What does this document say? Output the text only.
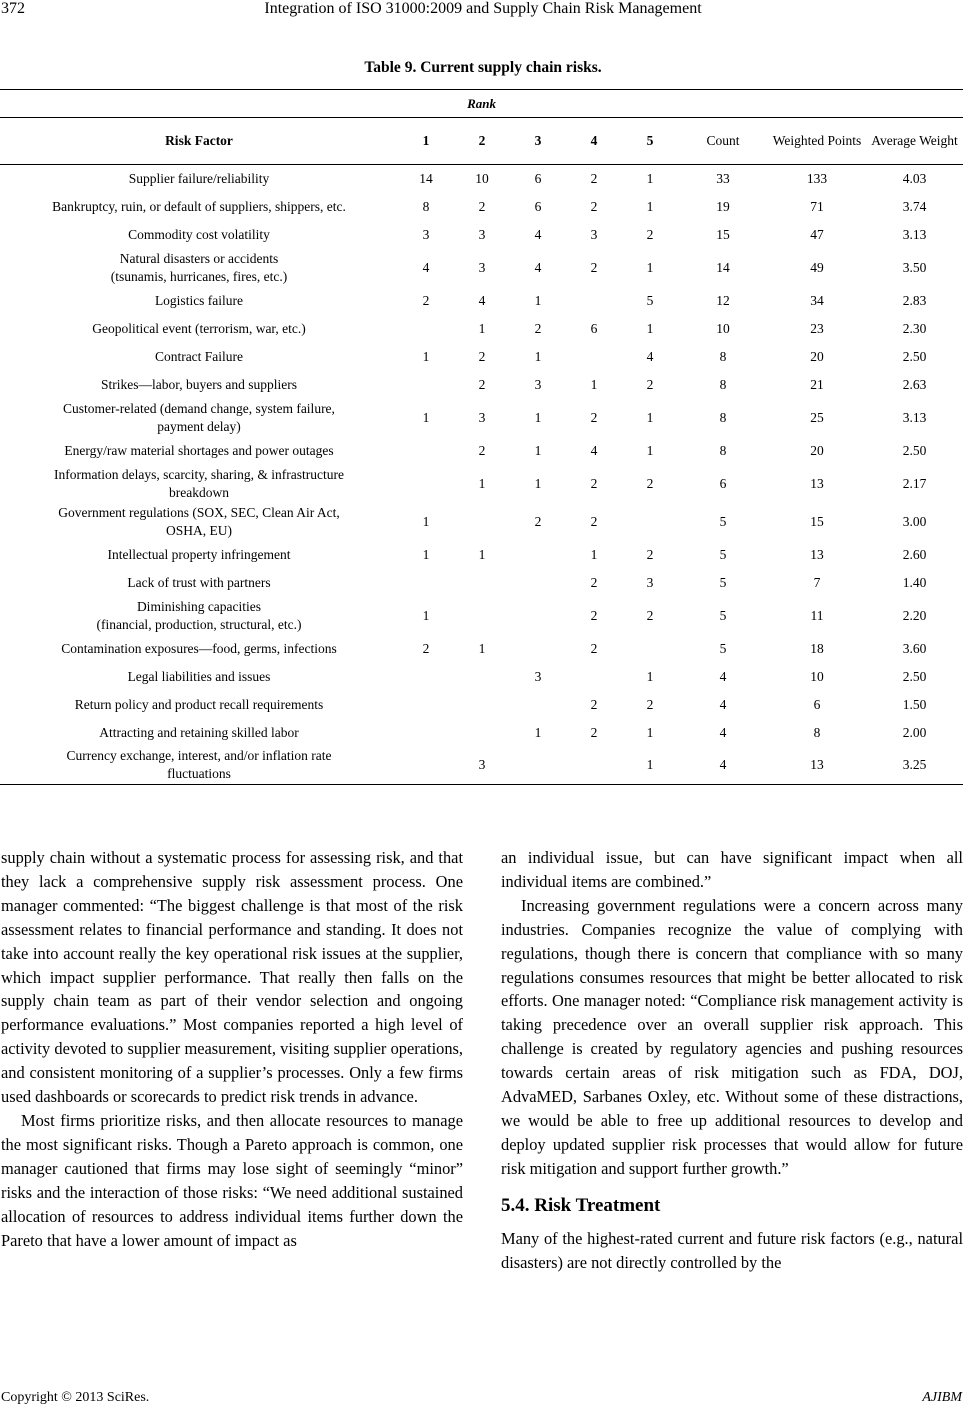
372	Integration of ISO 31000:2009 and Supply Chain Risk Management
Table 9. Current supply chain risks.
Rank								
Risk Factor	1	2	3	4	5	Count	Weighted Points	Average Weight
Supplier failure/reliability	14	10	6	2	1	33	133	4.03
Bankruptcy, ruin, or default of suppliers, shippers, etc.	8	2	6	2	1	19	71	3.74
Commodity cost volatility	3	3	4	3	2	15	47	3.13
Natural disasters or accidents
(tsunamis, hurricanes, fires, etc.)	4	3	4	2	1	14	49	3.50
Logistics failure	2	4	1		5	12	34	2.83
Geopolitical event (terrorism, war, etc.)		1	2	6	1	10	23	2.30
Contract Failure	1	2	1		4	8	20	2.50
Strikes—labor, buyers and suppliers		2	3	1	2	8	21	2.63
Customer-related (demand change, system failure,
payment delay)	1	3	1	2	1	8	25	3.13
Energy/raw material shortages and power outages		2	1	4	1	8	20	2.50
Information delays, scarcity, sharing, & infrastructure
breakdown		1	1	2	2	6	13	2.17
Government regulations (SOX, SEC, Clean Air Act,
OSHA, EU)	1		2	2		5	15	3.00
Intellectual property infringement	1	1		1	2	5	13	2.60
Lack of trust with partners				2	3	5	7	1.40
Diminishing capacities
(financial, production, structural, etc.)	1			2	2	5	11	2.20
Contamination exposures—food, germs, infections	2	1		2		5	18	3.60
Legal liabilities and issues			3		1	4	10	2.50
Return policy and product recall requirements				2	2	4	6	1.50
Attracting and retaining skilled labor			1	2	1	4	8	2.00
Currency exchange, interest, and/or inflation rate
fluctuations		3			1	4	13	3.25

supply chain without a systematic process for assessing risk, and that they lack a comprehensive supply risk assessment process. One manager commented: “The biggest challenge is that most of the risk assessment relates to financial performance and standing. It does not take into account really the key operational risk issues at the supplier, which impact supplier performance. That really then falls on the supply chain team as part of their vendor selection and ongoing performance evaluations.” Most companies reported a high level of activity devoted to supplier measurement, visiting supplier operations, and consistent monitoring of a supplier’s processes. Only a few firms used dashboards or scorecards to predict risk trends in advance.

Most firms prioritize risks, and then allocate resources to manage the most significant risks. Though a Pareto approach is common, one manager cautioned that firms may lose sight of seemingly “minor” risks and the interaction of those risks: “We need additional sustained allocation of resources to address individual items further down the Pareto that have a lower amount of impact as

an individual issue, but can have significant impact when all individual items are combined.”

Increasing government regulations were a concern across many industries. Companies recognize the value of complying with regulations, though there is concern that compliance with so many regulations consumes resources that might be better allocated to risk efforts. One manager noted: “Compliance risk management activity is taking precedence over an overall supplier risk approach. This challenge is created by regulatory agencies and pushing resources towards certain areas of risk mitigation such as FDA, DOJ, AdvaMED, Sarbanes Oxley, etc. Without some of these distractions, we would be able to free up additional resources to develop and deploy updated supplier risk processes that would allow for future risk mitigation and support further growth.”

5.4. Risk Treatment

Many of the highest-rated current and future risk factors (e.g., natural disasters) are not directly controlled by the

Copyright © 2013 SciRes.	AJIBM
